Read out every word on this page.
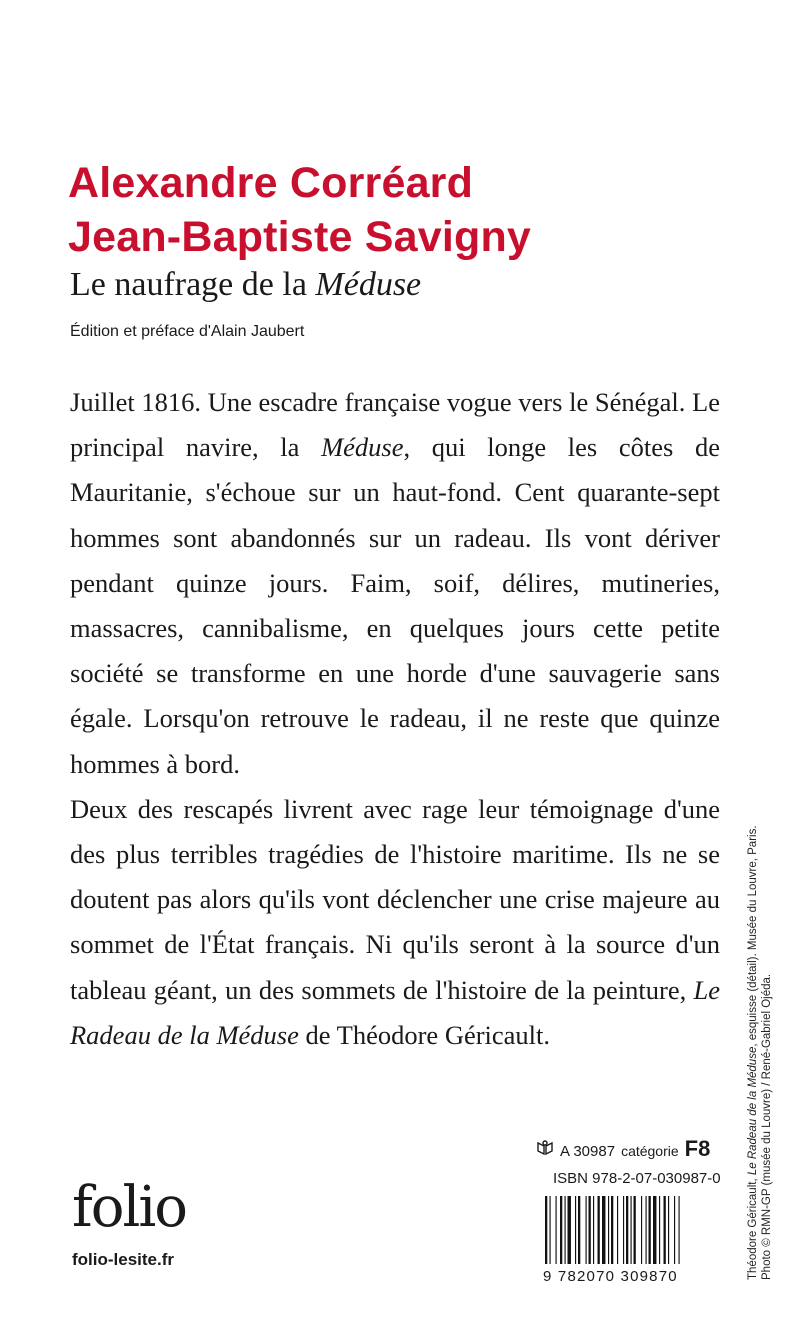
Alexandre Corréard
Jean-Baptiste Savigny
Le naufrage de la Méduse
Édition et préface d'Alain Jaubert

Juillet 1816. Une escadre française vogue vers le Sénégal. Le principal navire, la Méduse, qui longe les côtes de Mauritanie, s'échoue sur un haut-fond. Cent quarante-sept hommes sont abandonnés sur un radeau. Ils vont dériver pendant quinze jours. Faim, soif, délires, mutineries, massacres, cannibalisme, en quelques jours cette petite société se transforme en une horde d'une sauvagerie sans égale. Lorsqu'on retrouve le radeau, il ne reste que quinze hommes à bord.

Deux des rescapés livrent avec rage leur témoignage d'une des plus terribles tragédies de l'histoire maritime. Ils ne se doutent pas alors qu'ils vont déclencher une crise majeure au sommet de l'État français. Ni qu'ils seront à la source d'un tableau géant, un des sommets de l'histoire de la peinture, Le Radeau de la Méduse de Théodore Géricault.

Théodore Géricault, Le Radeau de la Méduse, esquisse (détail). Musée du Louvre, Paris.
Photo © RMN-GP (musée du Louvre) / René-Gabriel Ojéda.
A 30987 catégorie F8
ISBN 978-2-07-030987-0
9 782070 309870
folio
folio-lesite.fr
